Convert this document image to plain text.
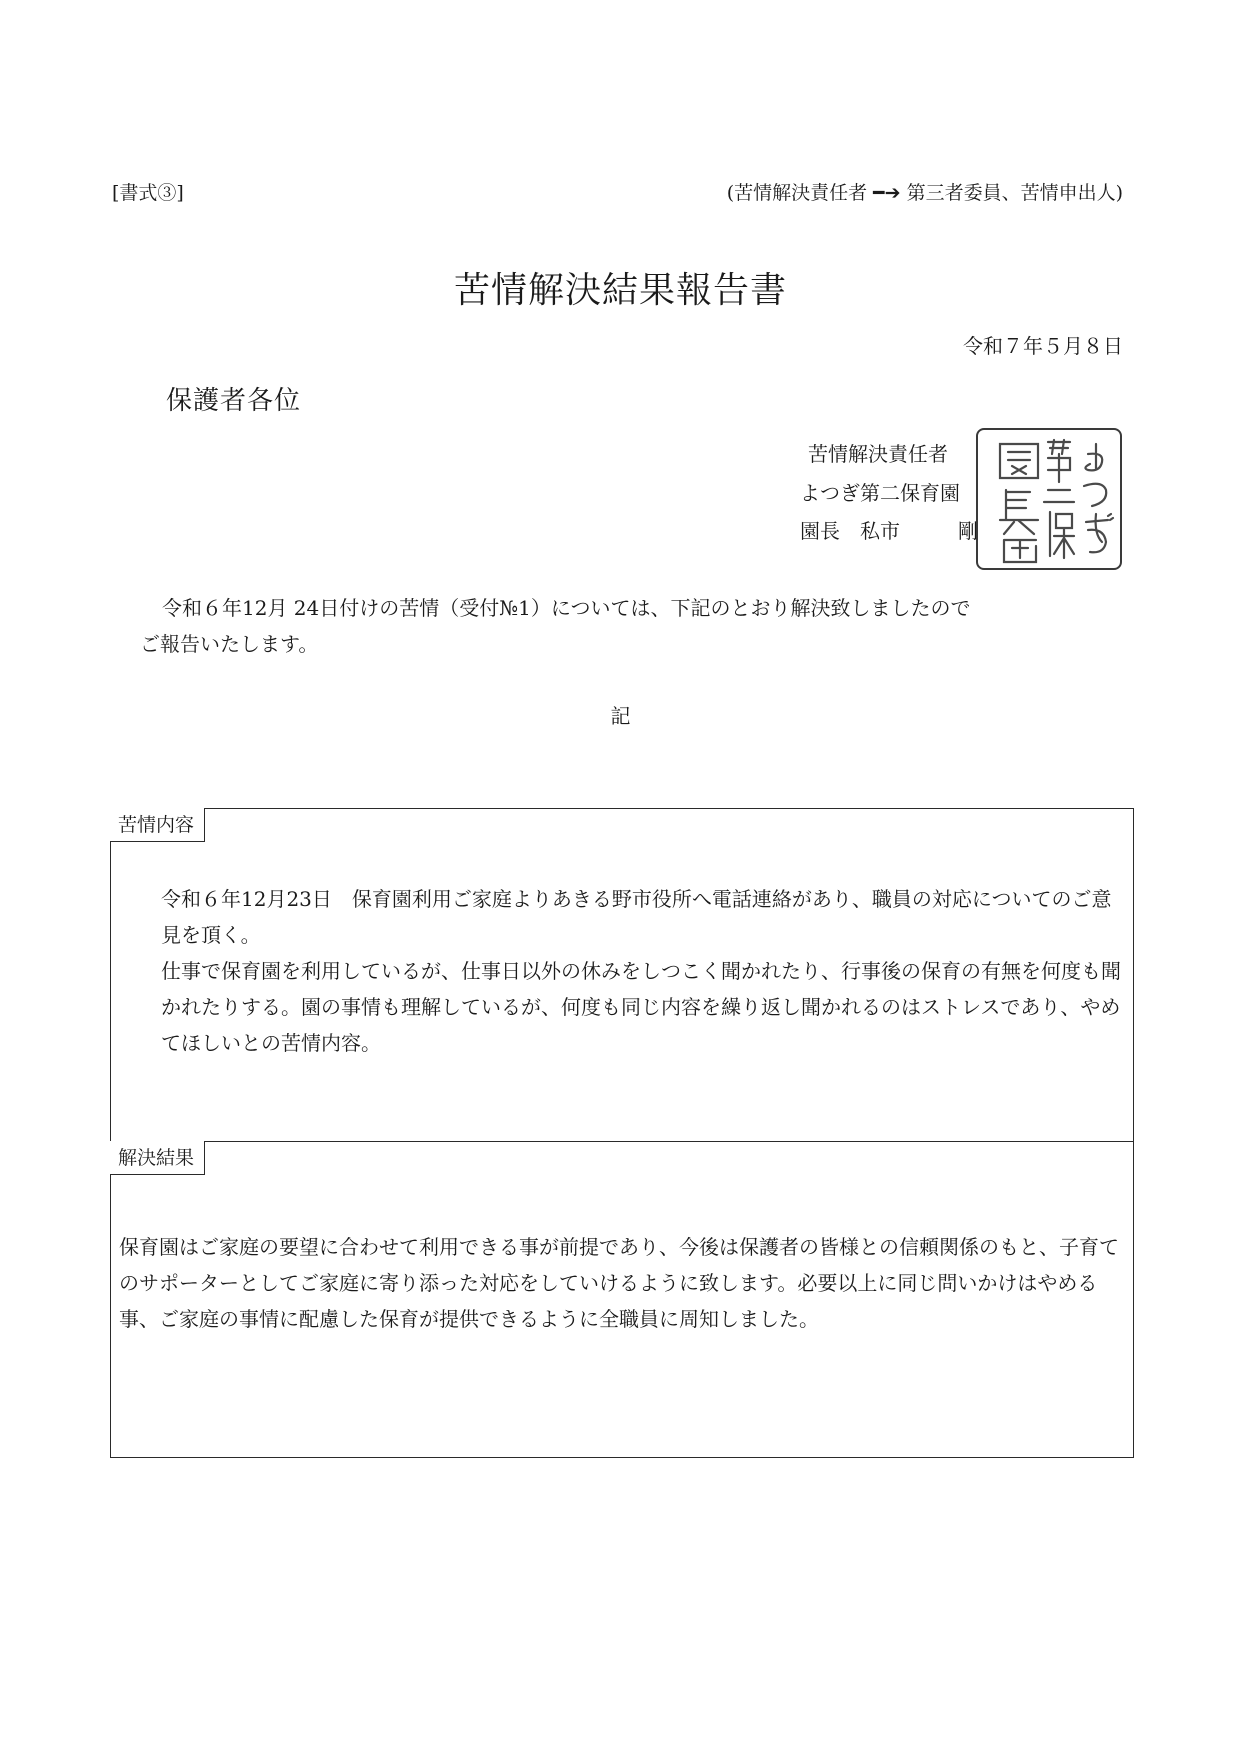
[書式③]	(苦情解決責任者 ━➔ 第三者委員、苦情申出人)
苦情解決結果報告書
令和７年５月８日
保護者各位
苦情解決責任者
よつぎ第二保育園
園長 私市	剛

令和６年12月 24日付けの苦情（受付№1）については、下記のとおり解決致しましたので

ご報告いたします。

記
苦情内容

令和６年12月23日　保育園利用ご家庭よりあきる野市役所へ電話連絡があり、職員の対応についてのご意見を頂く。

仕事で保育園を利用しているが、仕事日以外の休みをしつこく聞かれたり、行事後の保育の有無を何度も聞かれたりする。園の事情も理解しているが、何度も同じ内容を繰り返し聞かれるのはストレスであり、やめてほしいとの苦情内容。

解決結果

保育園はご家庭の要望に合わせて利用できる事が前提であり、今後は保護者の皆様との信頼関係のもと、子育てのサポーターとしてご家庭に寄り添った対応をしていけるように致します。必要以上に同じ問いかけはやめる事、ご家庭の事情に配慮した保育が提供できるように全職員に周知しました。
